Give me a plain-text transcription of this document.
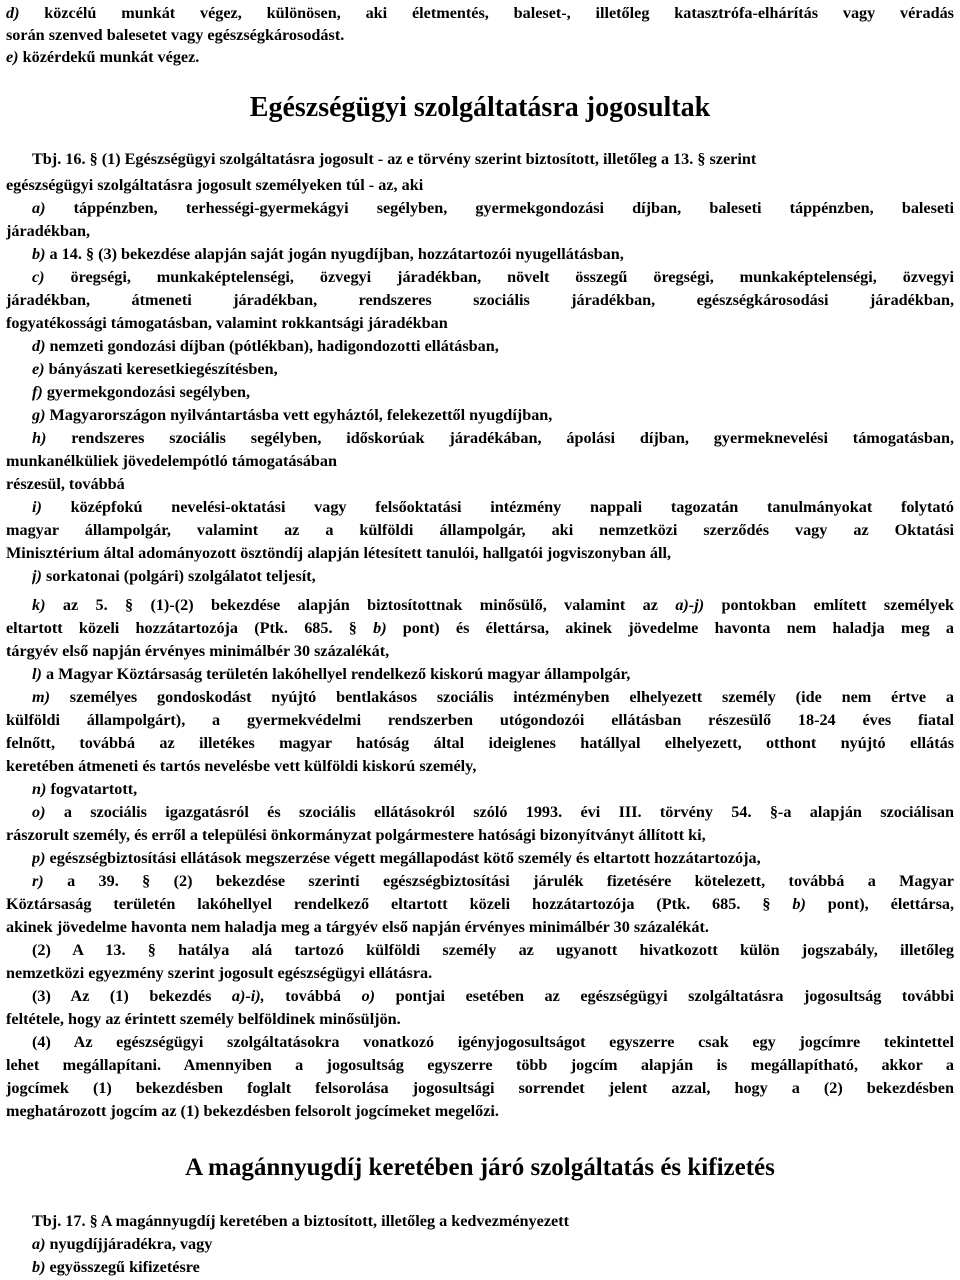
d) közcélú munkát végez, különösen, aki életmentés, baleset-, illetőleg katasztrófa-elhárítás vagy véradás
során szenved balesetet vagy egészségkárosodást.
e) közérdekű munkát végez.
Tbj. 16. § (1) Egészségügyi szolgáltatásra jogosult - az e törvény szerint biztosított, illetőleg a 13. § szerint
egészségügyi szolgáltatásra jogosult személyeken túl - az, aki
a) táppénzben, terhességi-gyermekágyi segélyben, gyermekgondozási díjban, baleseti táppénzben, baleseti
járadékban,
b) a 14. § (3) bekezdése alapján saját jogán nyugdíjban, hozzátartozói nyugellátásban,
c) öregségi, munkaképtelenségi, özvegyi járadékban, növelt összegű öregségi, munkaképtelenségi, özvegyi
járadékban, átmeneti járadékban, rendszeres szociális járadékban, egészségkárosodási járadékban,
fogyatékossági támogatásban, valamint rokkantsági járadékban
d) nemzeti gondozási díjban (pótlékban), hadigondozotti ellátásban,
e) bányászati keresetkiegészítésben,
f) gyermekgondozási segélyben,
g) Magyarországon nyilvántartásba vett egyháztól, felekezettől nyugdíjban,
h) rendszeres szociális segélyben, időskorúak járadékában, ápolási díjban, gyermeknevelési támogatásban,
munkanélküliek jövedelempótló támogatásában
részesül, továbbá
i) középfokú nevelési-oktatási vagy felsőoktatási intézmény nappali tagozatán tanulmányokat folytató
magyar állampolgár, valamint az a külföldi állampolgár, aki nemzetközi szerződés vagy az Oktatási
Minisztérium által adományozott ösztöndíj alapján létesített tanulói, hallgatói jogviszonyban áll,
j) sorkatonai (polgári) szolgálatot teljesít,
k) az 5. § (1)-(2) bekezdése alapján biztosítottnak minősülő, valamint az a)-j) pontokban említett személyek
eltartott közeli hozzátartozója (Ptk. 685. § b) pont) és élettársa, akinek jövedelme havonta nem haladja meg a
tárgyév első napján érvényes minimálbér 30 százalékát,
l) a Magyar Köztársaság területén lakóhellyel rendelkező kiskorú magyar állampolgár,
m) személyes gondoskodást nyújtó bentlakásos szociális intézményben elhelyezett személy (ide nem értve a
külföldi állampolgárt), a gyermekvédelmi rendszerben utógondozói ellátásban részesülő 18-24 éves fiatal
felnőtt, továbbá az illetékes magyar hatóság által ideiglenes hatállyal elhelyezett, otthont nyújtó ellátás
keretében átmeneti és tartós nevelésbe vett külföldi kiskorú személy,
n) fogvatartott,
o) a szociális igazgatásról és szociális ellátásokról szóló 1993. évi III. törvény 54. §-a alapján szociálisan
rászorult személy, és erről a települési önkormányzat polgármestere hatósági bizonyítványt állított ki,
p) egészségbiztosítási ellátások megszerzése végett megállapodást kötő személy és eltartott hozzátartozója,
r) a 39. § (2) bekezdése szerinti egészségbiztosítási járulék fizetésére kötelezett, továbbá a Magyar
Köztársaság területén lakóhellyel rendelkező eltartott közeli hozzátartozója (Ptk. 685. § b) pont), élettársa,
akinek jövedelme havonta nem haladja meg a tárgyév első napján érvényes minimálbér 30 százalékát.
(2) A 13. § hatálya alá tartozó külföldi személy az ugyanott hivatkozott külön jogszabály, illetőleg
nemzetközi egyezmény szerint jogosult egészségügyi ellátásra.
(3) Az (1) bekezdés a)-i), továbbá o) pontjai esetében az egészségügyi szolgáltatásra jogosultság további
feltétele, hogy az érintett személy belföldinek minősüljön.
(4) Az egészségügyi szolgáltatásokra vonatkozó igényjogosultságot egyszerre csak egy jogcímre tekintettel
lehet megállapítani. Amennyiben a jogosultság egyszerre több jogcím alapján is megállapítható, akkor a
jogcímek (1) bekezdésben foglalt felsorolása jogosultsági sorrendet jelent azzal, hogy a (2) bekezdésben
meghatározott jogcím az (1) bekezdésben felsorolt jogcímeket megelőzi.
Tbj. 17. § A magánnyugdíj keretében a biztosított, illetőleg a kedvezményezett
a) nyugdíjjáradékra, vagy
b) egyösszegű kifizetésre
Egészségügyi szolgáltatásra jogosultak
A magánnyugdíj keretében járó szolgáltatás és kifizetés
